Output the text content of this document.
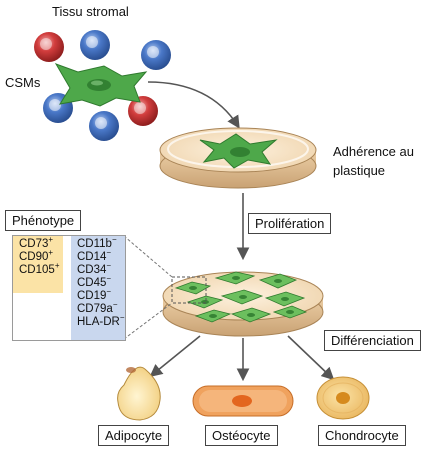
Tissu stromal
CSMs
Adhérence au
plastique
Prolifération
Phénotype
CD73+
CD90+
CD105+
CD11b−
CD14−
CD34−
CD45−
CD19−
CD79a−
HLA-DR−
Différenciation
Adipocyte	Ostéocyte	Chondrocyte
